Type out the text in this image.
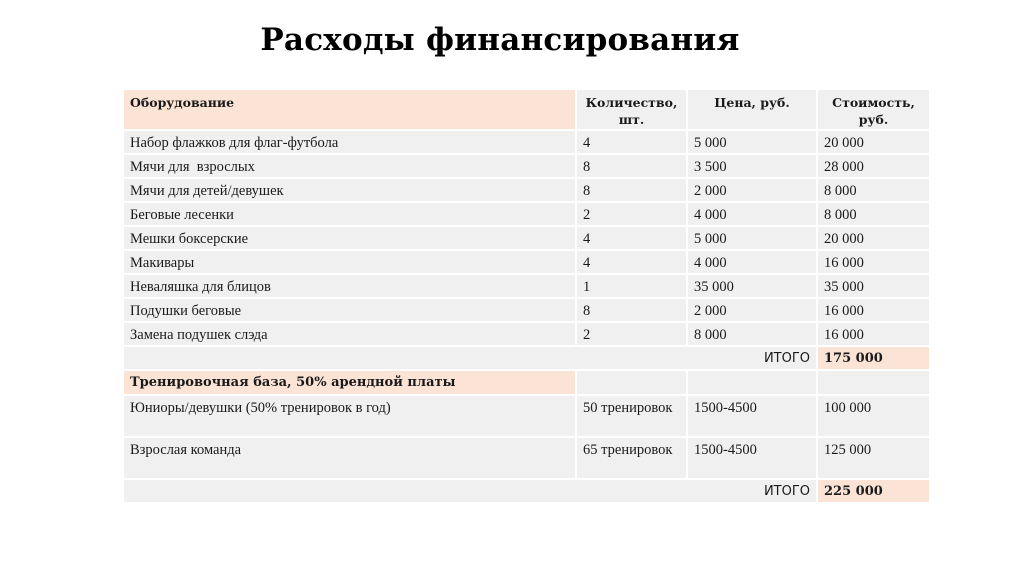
Расходы финансирования
Оборудование	Количество, шт.	Цена, руб.	Стоимость, руб.
Набор флажков для флаг-футбола	4	5 000	20 000
Мячи для  взрослых	8	3 500	28 000
Мячи для детей/девушек	8	2 000	8 000
Беговые лесенки	2	4 000	8 000
Мешки боксерские	4	5 000	20 000
Макивары	4	4 000	16 000
Неваляшка для блицов	1	35 000	35 000
Подушки беговые	8	2 000	16 000
Замена подушек слэда	2	8 000	16 000
ИТОГО			175 000
Тренировочная база, 50% арендной платы			
Юниоры/девушки (50% тренировок в год)	50 тренировок	1500-4500	100 000
Взрослая команда	65 тренировок	1500-4500	125 000
ИТОГО			225 000
